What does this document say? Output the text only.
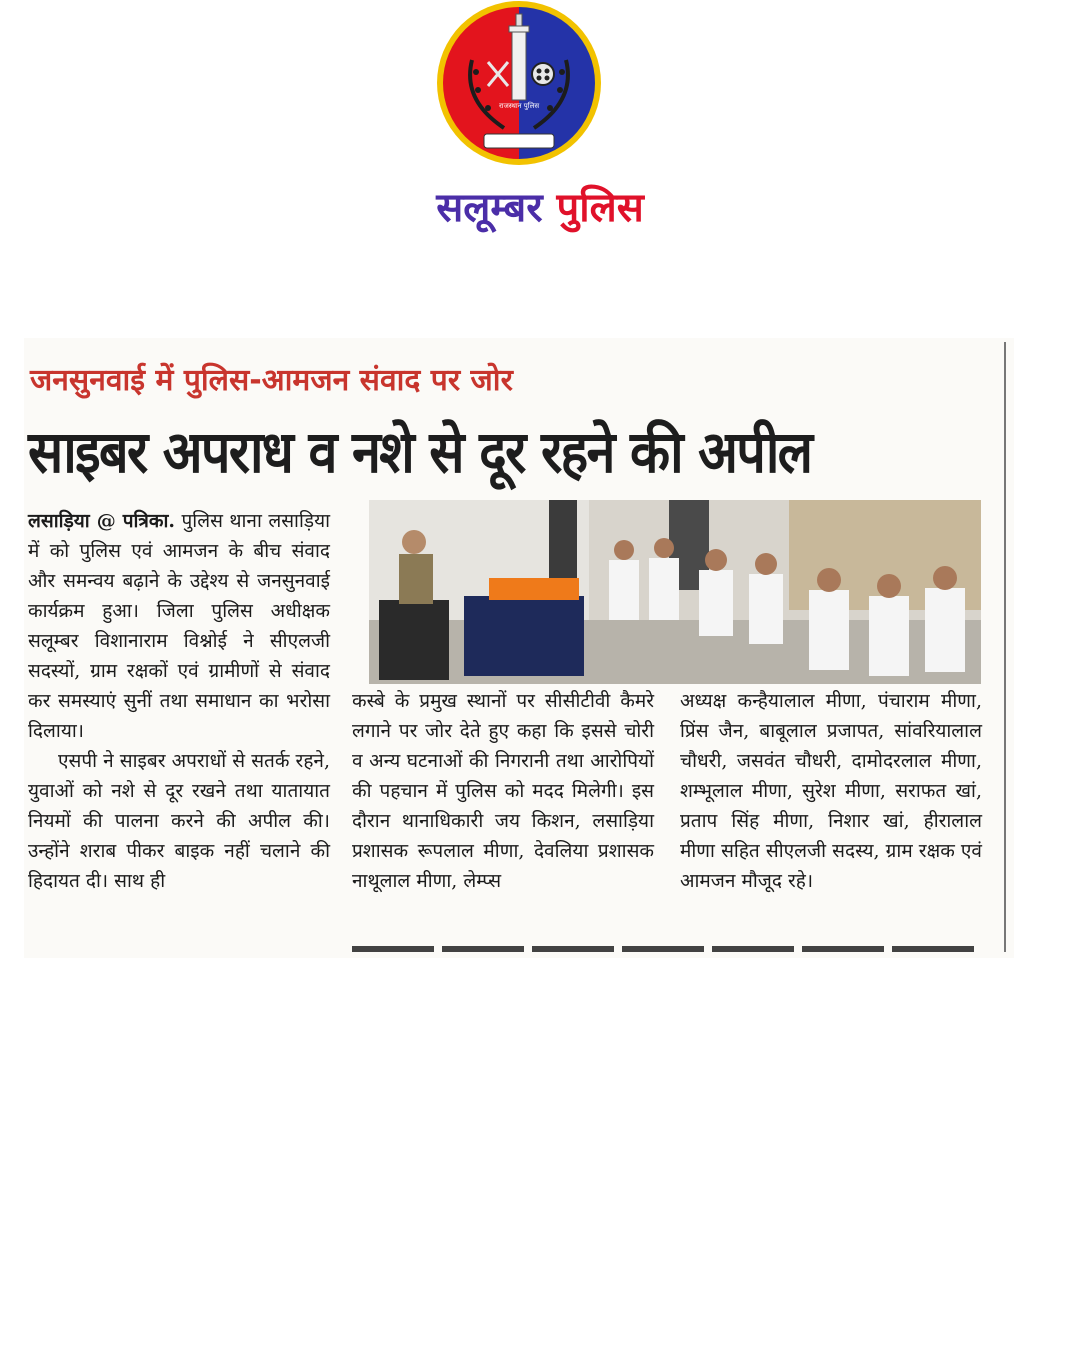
राजस्थान पुलिस
सलूम्बर पुलिस
जनसुनवाई में पुलिस-आमजन संवाद पर जोर
साइबर अपराध व नशे से दूर रहने की अपील

लसाड़िया @ पत्रिका. पुलिस थाना लसाड़िया में को पुलिस एवं आमजन के बीच संवाद और समन्वय बढ़ाने के उद्देश्य से जनसुनवाई कार्यक्रम हुआ। जिला पुलिस अधीक्षक सलूम्बर विशानाराम विश्नोई ने सीएलजी सदस्यों, ग्राम रक्षकों एवं ग्रामीणों से संवाद कर समस्याएं सुनीं तथा समाधान का भरोसा दिलाया।

एसपी ने साइबर अपराधों से सतर्क रहने, युवाओं को नशे से दूर रखने तथा यातायात नियमों की पालना करने की अपील की। उन्होंने शराब पीकर बाइक नहीं चलाने की हिदायत दी। साथ ही

कस्बे के प्रमुख स्थानों पर सीसीटीवी कैमरे लगाने पर जोर देते हुए कहा कि इससे चोरी व अन्य घटनाओं की निगरानी तथा आरोपियों की पहचान में पुलिस को मदद मिलेगी। इस दौरान थानाधिकारी जय किशन, लसाड़िया प्रशासक रूपलाल मीणा, देवलिया प्रशासक नाथूलाल मीणा, लेम्प्स

अध्यक्ष कन्हैयालाल मीणा, पंचाराम मीणा, प्रिंस जैन, बाबूलाल प्रजापत, सांवरियालाल चौधरी, जसवंत चौधरी, दामोदरलाल मीणा, शम्भूलाल मीणा, सुरेश मीणा, सराफत खां, प्रताप सिंह मीणा, निशार खां, हीरालाल मीणा सहित सीएलजी सदस्य, ग्राम रक्षक एवं आमजन मौजूद रहे।
